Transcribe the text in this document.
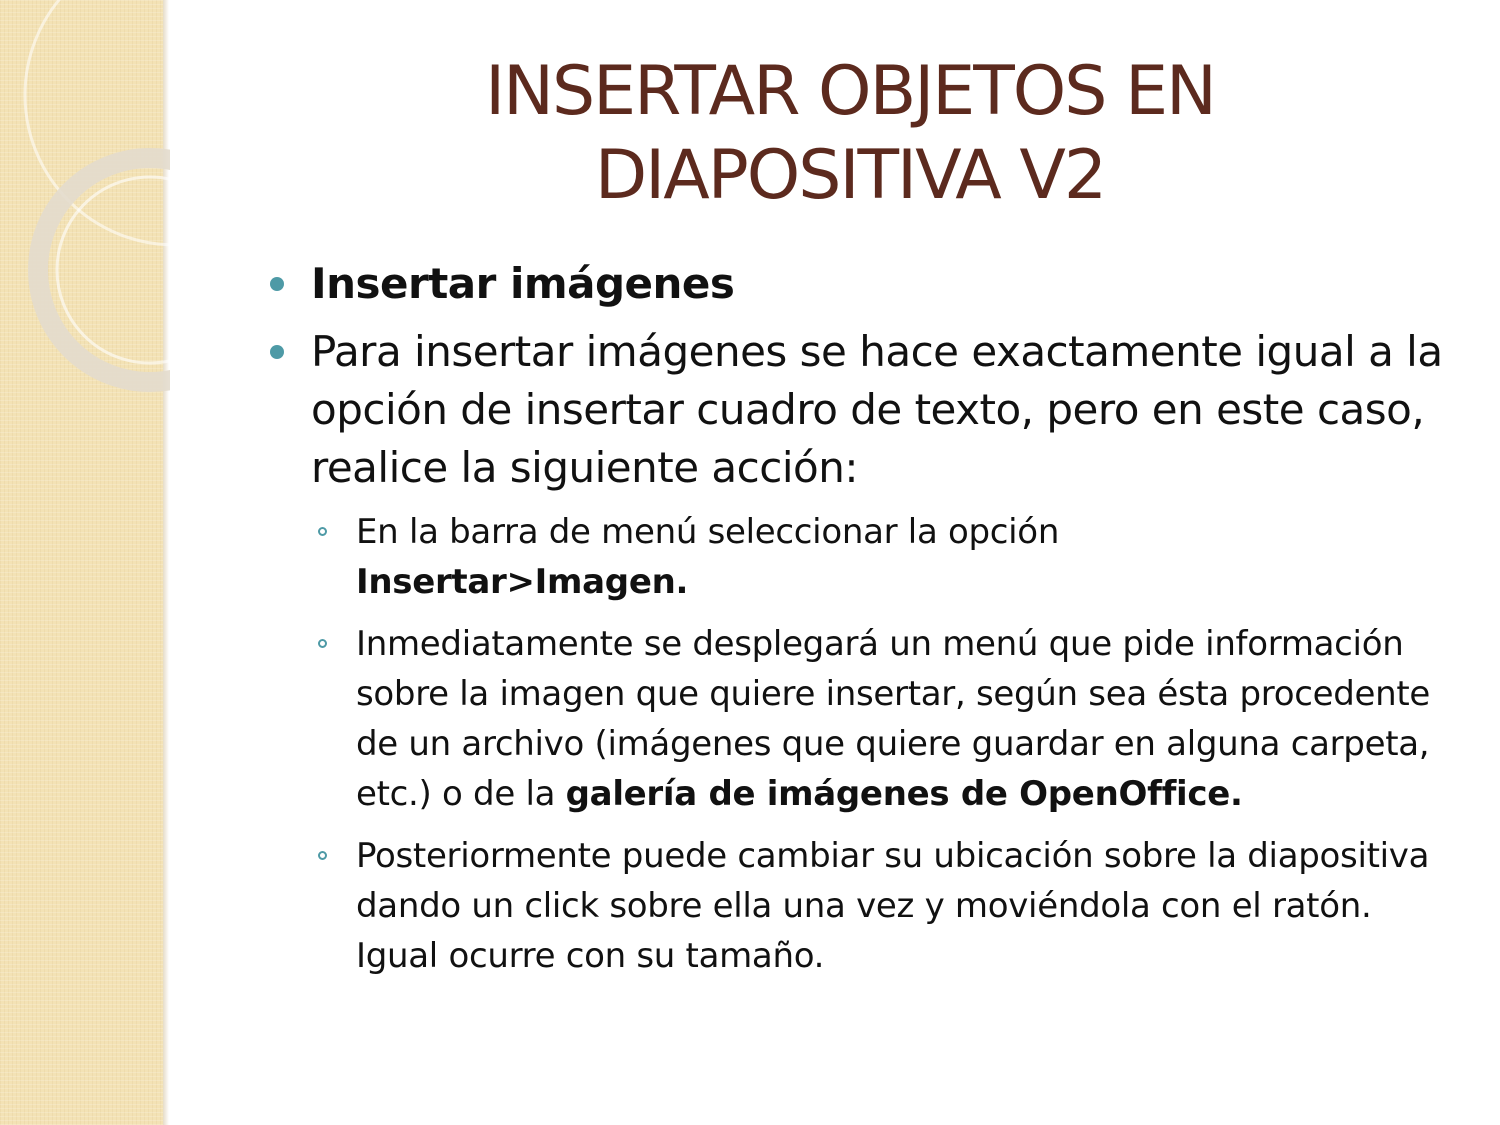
INSERTAR OBJETOS EN
DIAPOSITIVA V2
Insertar imágenes
Para insertar imágenes se hace exactamente igual a la opción de insertar cuadro de texto, pero en este caso, realice la siguiente acción:
En la barra de menú seleccionar la opción
Insertar>Imagen.
Inmediatamente se desplegará un menú que pide información sobre la imagen que quiere insertar, según sea ésta procedente de un archivo (imágenes que quiere guardar en alguna carpeta, etc.) o de la galería de imágenes de OpenOffice.
Posteriormente puede cambiar su ubicación sobre la diapositiva dando un click sobre ella una vez y moviéndola con el ratón. Igual ocurre con su tamaño.
